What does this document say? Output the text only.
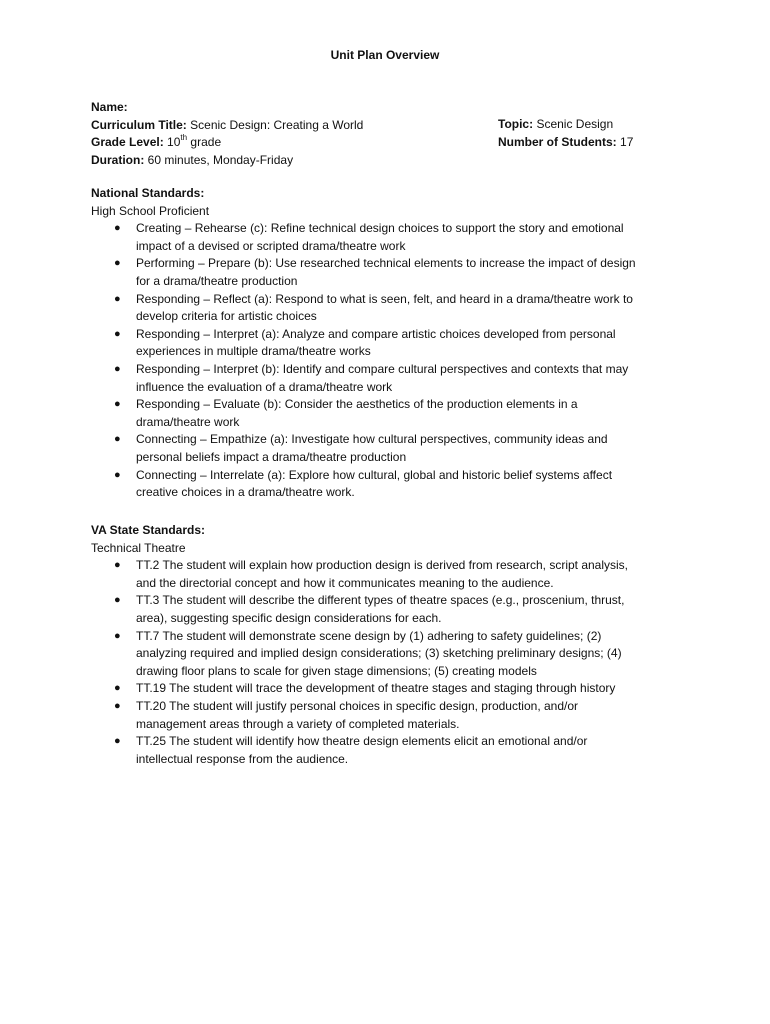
Unit Plan Overview
Name:
Curriculum Title: Scenic Design: Creating a World
Grade Level: 10th grade
Duration: 60 minutes, Monday-Friday
Topic: Scenic Design
Number of Students: 17
National Standards:
High School Proficient
● Creating – Rehearse (c): Refine technical design choices to support the story and emotional
impact of a devised or scripted drama/theatre work
● Performing – Prepare (b): Use researched technical elements to increase the impact of design
for a drama/theatre production
● Responding – Reflect (a): Respond to what is seen, felt, and heard in a drama/theatre work to
develop criteria for artistic choices
● Responding – Interpret (a): Analyze and compare artistic choices developed from personal
experiences in multiple drama/theatre works
● Responding – Interpret (b): Identify and compare cultural perspectives and contexts that may
influence the evaluation of a drama/theatre work
● Responding – Evaluate (b): Consider the aesthetics of the production elements in a
drama/theatre work
● Connecting – Empathize (a): Investigate how cultural perspectives, community ideas and
personal beliefs impact a drama/theatre production
● Connecting – Interrelate (a): Explore how cultural, global and historic belief systems affect
creative choices in a drama/theatre work.
VA State Standards:
Technical Theatre
● TT.2 The student will explain how production design is derived from research, script analysis,
and the directorial concept and how it communicates meaning to the audience.
● TT.3 The student will describe the different types of theatre spaces (e.g., proscenium, thrust,
area), suggesting specific design considerations for each.
● TT.7 The student will demonstrate scene design by (1) adhering to safety guidelines; (2)
analyzing required and implied design considerations; (3) sketching preliminary designs; (4)
drawing floor plans to scale for given stage dimensions; (5) creating models
● TT.19 The student will trace the development of theatre stages and staging through history
● TT.20 The student will justify personal choices in specific design, production, and/or
management areas through a variety of completed materials.
● TT.25 The student will identify how theatre design elements elicit an emotional and/or
intellectual response from the audience.
